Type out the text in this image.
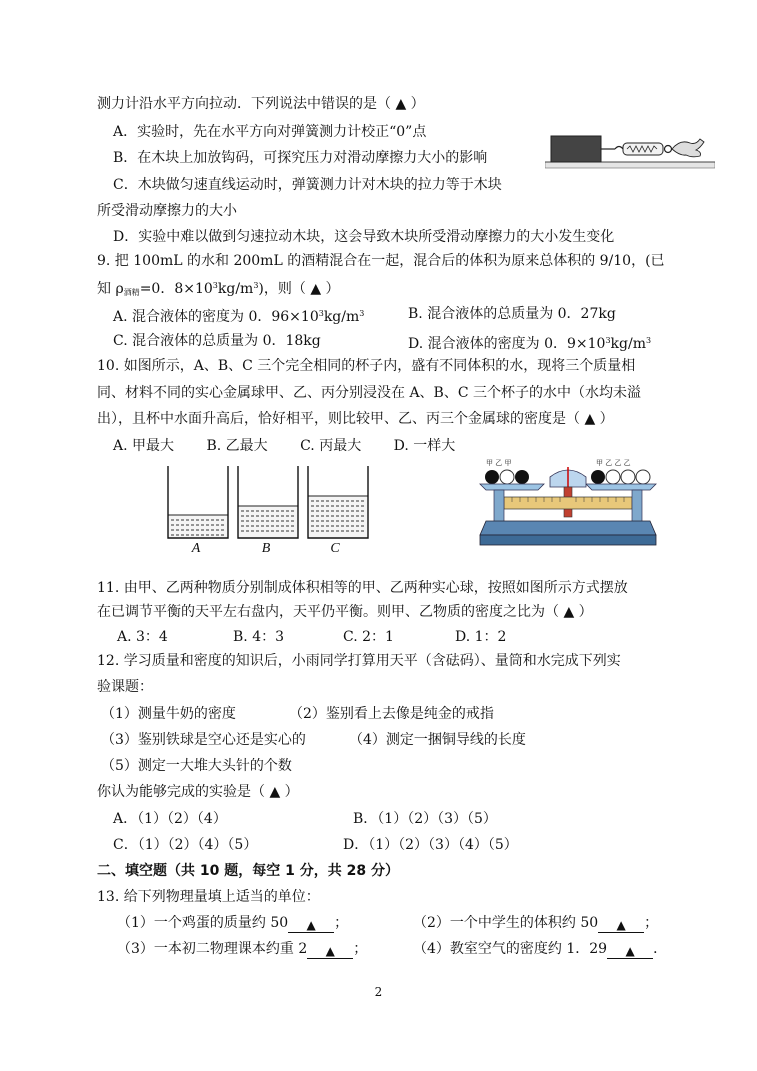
测力计沿水平方向拉动．下列说法中错误的是（ ▲ ）
A．实验时，先在水平方向对弹簧测力计校正“0”点
B．在木块上加放钩码，可探究压力对滑动摩擦力大小的影响
C．木块做匀速直线运动时，弹簧测力计对木块的拉力等于木块
所受滑动摩擦力的大小
D．实验中难以做到匀速拉动木块，这会导致木块所受滑动摩擦力的大小发生变化
9. 把 100mL 的水和 200mL 的酒精混合在一起，混合后的体积为原来总体积的 9/10，(已
知 $\rho_{酒精}=0$．$8\times 10^3kg/m^3$)，则（ ▲ ）
A. 混合液体的密度为 0．$96\times 10^3kg/m^3$	B. 混合液体的总质量为 0．27kg
C. 混合液体的总质量为 0．18kg	D. 混合液体的密度为 0．$9\times 10^3kg/m^3$
10. 如图所示，A、B、C 三个完全相同的杯子内，盛有不同体积的水，现将三个质量相
同、材料不同的实心金属球甲、乙、丙分别浸没在 A、B、C 三个杯子的水中（水均未溢
出），且杯中水面升高后，恰好相平，则比较甲、乙、丙三个金属球的密度是（ ▲ ）
A. 甲最大　　 B. 乙最大　　 C. 丙最大　　 D. 一样大
A	B	C
甲 乙 甲	甲 乙 乙 乙
11. 由甲、乙两种物质分别制成体积相等的甲、乙两种实心球，按照如图所示方式摆放
在已调节平衡的天平左右盘内，天平仍平衡。则甲、乙物质的密度之比为（ ▲ ）
A. 3：4	B. 4：3	C. 2：1	D. 1：2
12. 学习质量和密度的知识后，小雨同学打算用天平（含砝码）、量筒和水完成下列实
验课题：
（1）测量牛奶的密度	（2）鉴别看上去像是纯金的戒指
（3）鉴别铁球是空心还是实心的	（4）测定一捆铜导线的长度
（5）测定一大堆大头针的个数
你认为能够完成的实验是（ ▲ ）
A．（1）（2）（4）	B．（1）（2）（3）（5）
C．（1）（2）（4）（5）	D．（1）（2）（3）（4）（5）
二、填空题（共 10 题，每空 1 分，共 28 分）
13. 给下列物理量填上适当的单位：
（1）一个鸡蛋的质量约 50 ▲ ；	（2）一个中学生的体积约 50 ▲ ；
（3）一本初二物理课本约重 2 ▲ ；	（4）教室空气的密度约 1．29 ▲ ．
2
